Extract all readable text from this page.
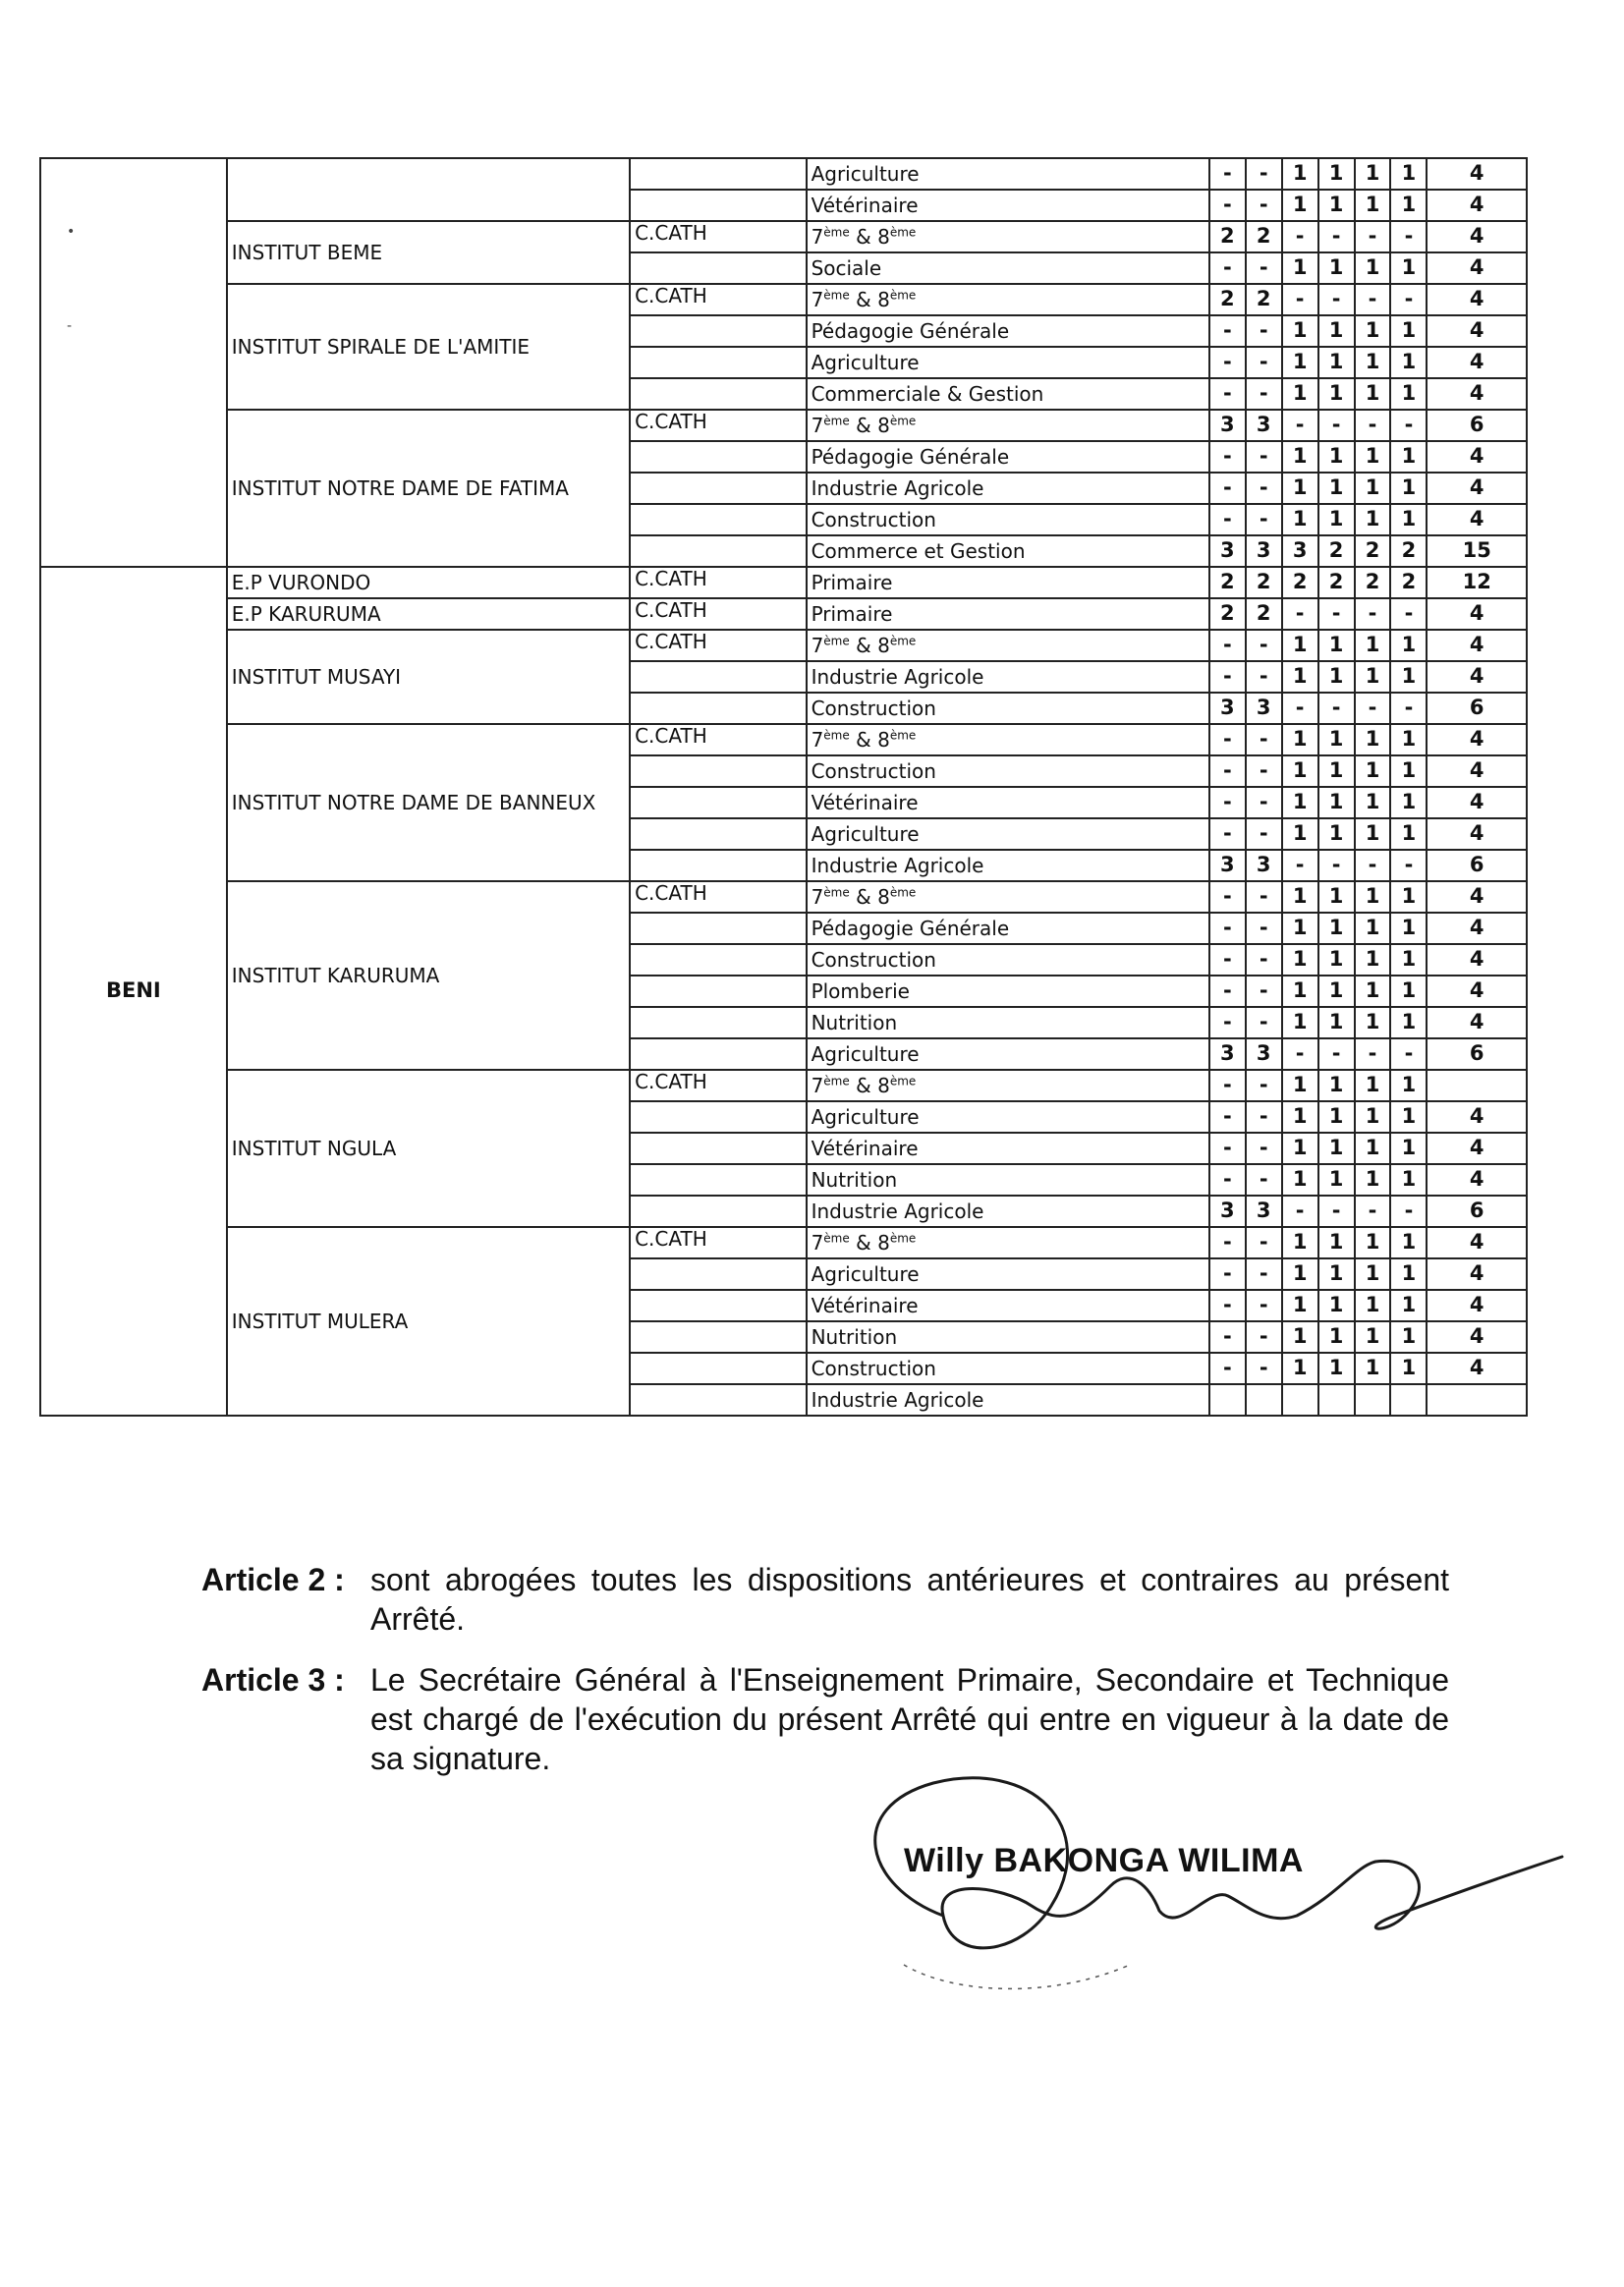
			Agriculture	-	-	1	1	1	1	4
			Vétérinaire	-	-	1	1	1	1	4
	INSTITUT BEME	C.CATH	7ème & 8ème	2	2	-	-	-	-	4
			Sociale	-	-	1	1	1	1	4
	INSTITUT SPIRALE DE L'AMITIE	C.CATH	7ème & 8ème	2	2	-	-	-	-	4
			Pédagogie Générale	-	-	1	1	1	1	4
			Agriculture	-	-	1	1	1	1	4
			Commerciale & Gestion	-	-	1	1	1	1	4
	INSTITUT NOTRE DAME DE FATIMA	C.CATH	7ème & 8ème	3	3	-	-	-	-	6
			Pédagogie Générale	-	-	1	1	1	1	4
			Industrie Agricole	-	-	1	1	1	1	4
			Construction	-	-	1	1	1	1	4
			Commerce et Gestion	3	3	3	2	2	2	15
BENI	E.P VURONDO	C.CATH	Primaire	2	2	2	2	2	2	12
	E.P KARURUMA	C.CATH	Primaire	2	2	-	-	-	-	4
	INSTITUT MUSAYI	C.CATH	7ème & 8ème	-	-	1	1	1	1	4
			Industrie Agricole	-	-	1	1	1	1	4
			Construction	3	3	-	-	-	-	6
	INSTITUT NOTRE DAME DE BANNEUX	C.CATH	7ème & 8ème	-	-	1	1	1	1	4
			Construction	-	-	1	1	1	1	4
			Vétérinaire	-	-	1	1	1	1	4
			Agriculture	-	-	1	1	1	1	4
			Industrie Agricole	3	3	-	-	-	-	6
	INSTITUT KARURUMA	C.CATH	7ème & 8ème	-	-	1	1	1	1	4
			Pédagogie Générale	-	-	1	1	1	1	4
			Construction	-	-	1	1	1	1	4
			Plomberie	-	-	1	1	1	1	4
			Nutrition	-	-	1	1	1	1	4
			Agriculture	3	3	-	-	-	-	6
	INSTITUT NGULA	C.CATH	7ème & 8ème	-	-	1	1	1	1	
			Agriculture	-	-	1	1	1	1	4
			Vétérinaire	-	-	1	1	1	1	4
			Nutrition	-	-	1	1	1	1	4
			Industrie Agricole	3	3	-	-	-	-	6
	INSTITUT MULERA	C.CATH	7ème & 8ème	-	-	1	1	1	1	4
			Agriculture	-	-	1	1	1	1	4
			Vétérinaire	-	-	1	1	1	1	4
			Nutrition	-	-	1	1	1	1	4
			Construction	-	-	1	1	1	1	4
			Industrie Agricole							
Article 2 : sont abrogées toutes les dispositions antérieures et contraires au présent Arrêté.
Article 3 : Le Secrétaire Général à l'Enseignement Primaire, Secondaire et Technique est chargé de l'exécution du présent Arrêté qui entre en vigueur à la date de sa signature.
Willy BAKONGA WILIMA
•
-
